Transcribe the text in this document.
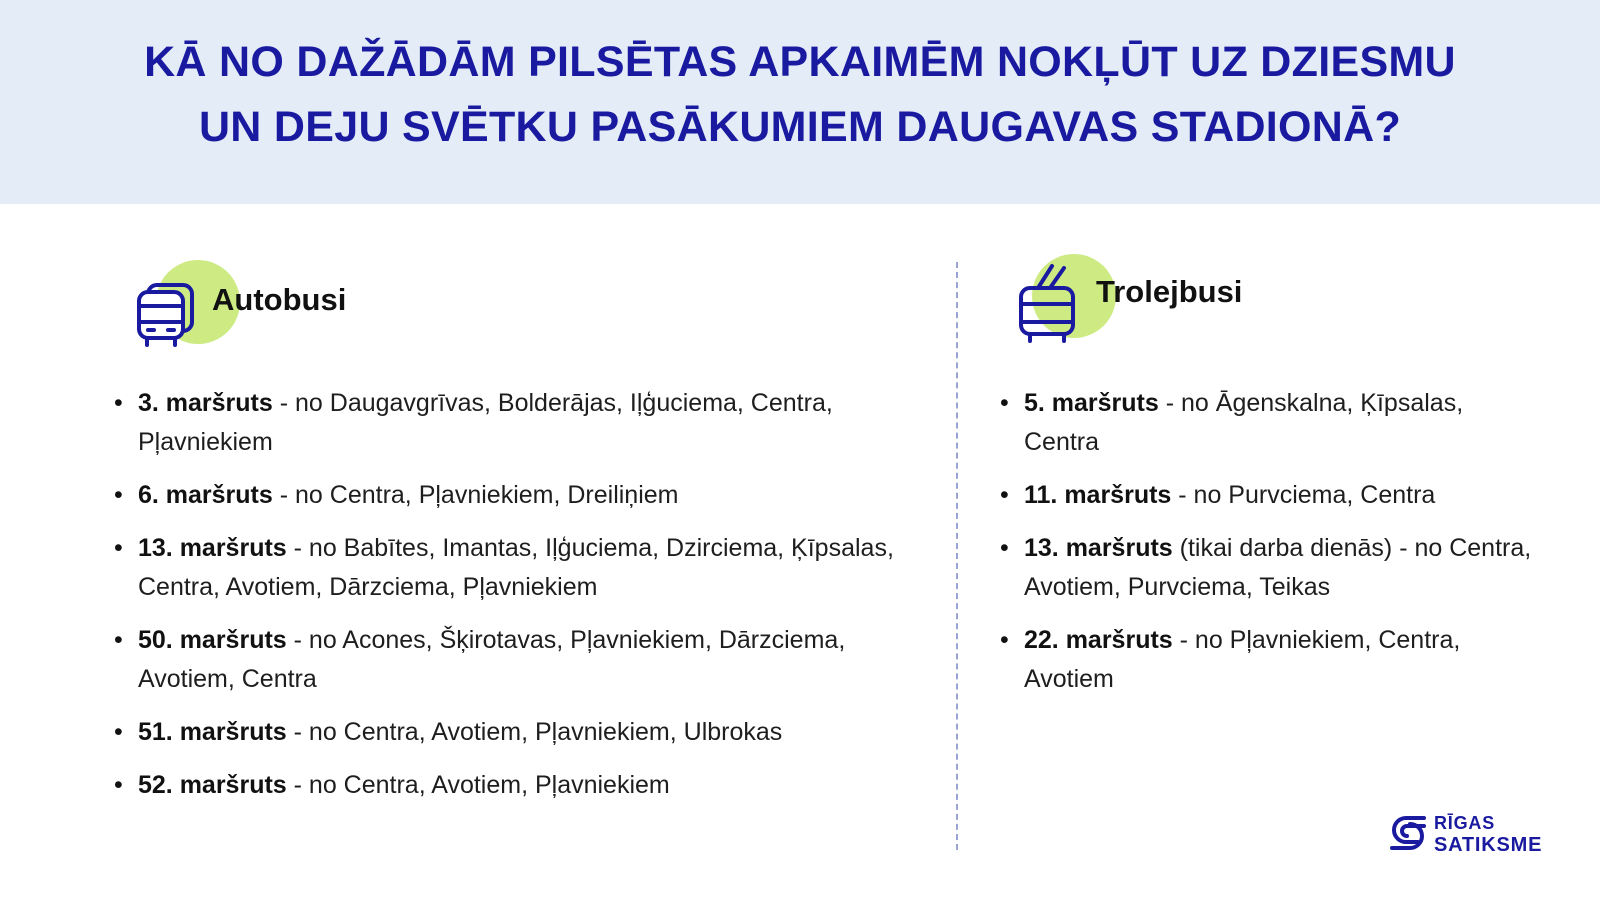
KĀ NO DAŽĀDĀM PILSĒTAS APKAIMĒM NOKĻŪT UZ DZIESMU
UN DEJU SVĒTKU PASĀKUMIEM DAUGAVAS STADIONĀ?
Autobusi	Trolejbusi
• 3. maršruts - no Daugavgrīvas, Bolderājas, Iļģuciema, Centra, Pļavniekiem
• 6. maršruts - no Centra, Pļavniekiem, Dreiliņiem
• 13. maršruts - no Babītes, Imantas, Iļģuciema, Dzirciema, Ķīpsalas, Centra, Avotiem, Dārzciema, Pļavniekiem
• 50. maršruts - no Acones, Šķirotavas, Pļavniekiem, Dārzciema, Avotiem, Centra
• 51. maršruts - no Centra, Avotiem, Pļavniekiem, Ulbrokas
• 52. maršruts - no Centra, Avotiem, Pļavniekiem
• 5. maršruts - no Āgenskalna, Ķīpsalas, Centra
• 11. maršruts - no Purvciema, Centra
• 13. maršruts (tikai darba dienās) - no Centra, Avotiem, Purvciema, Teikas
• 22. maršruts - no Pļavniekiem, Centra, Avotiem
RĪGAS
SATIKSME
